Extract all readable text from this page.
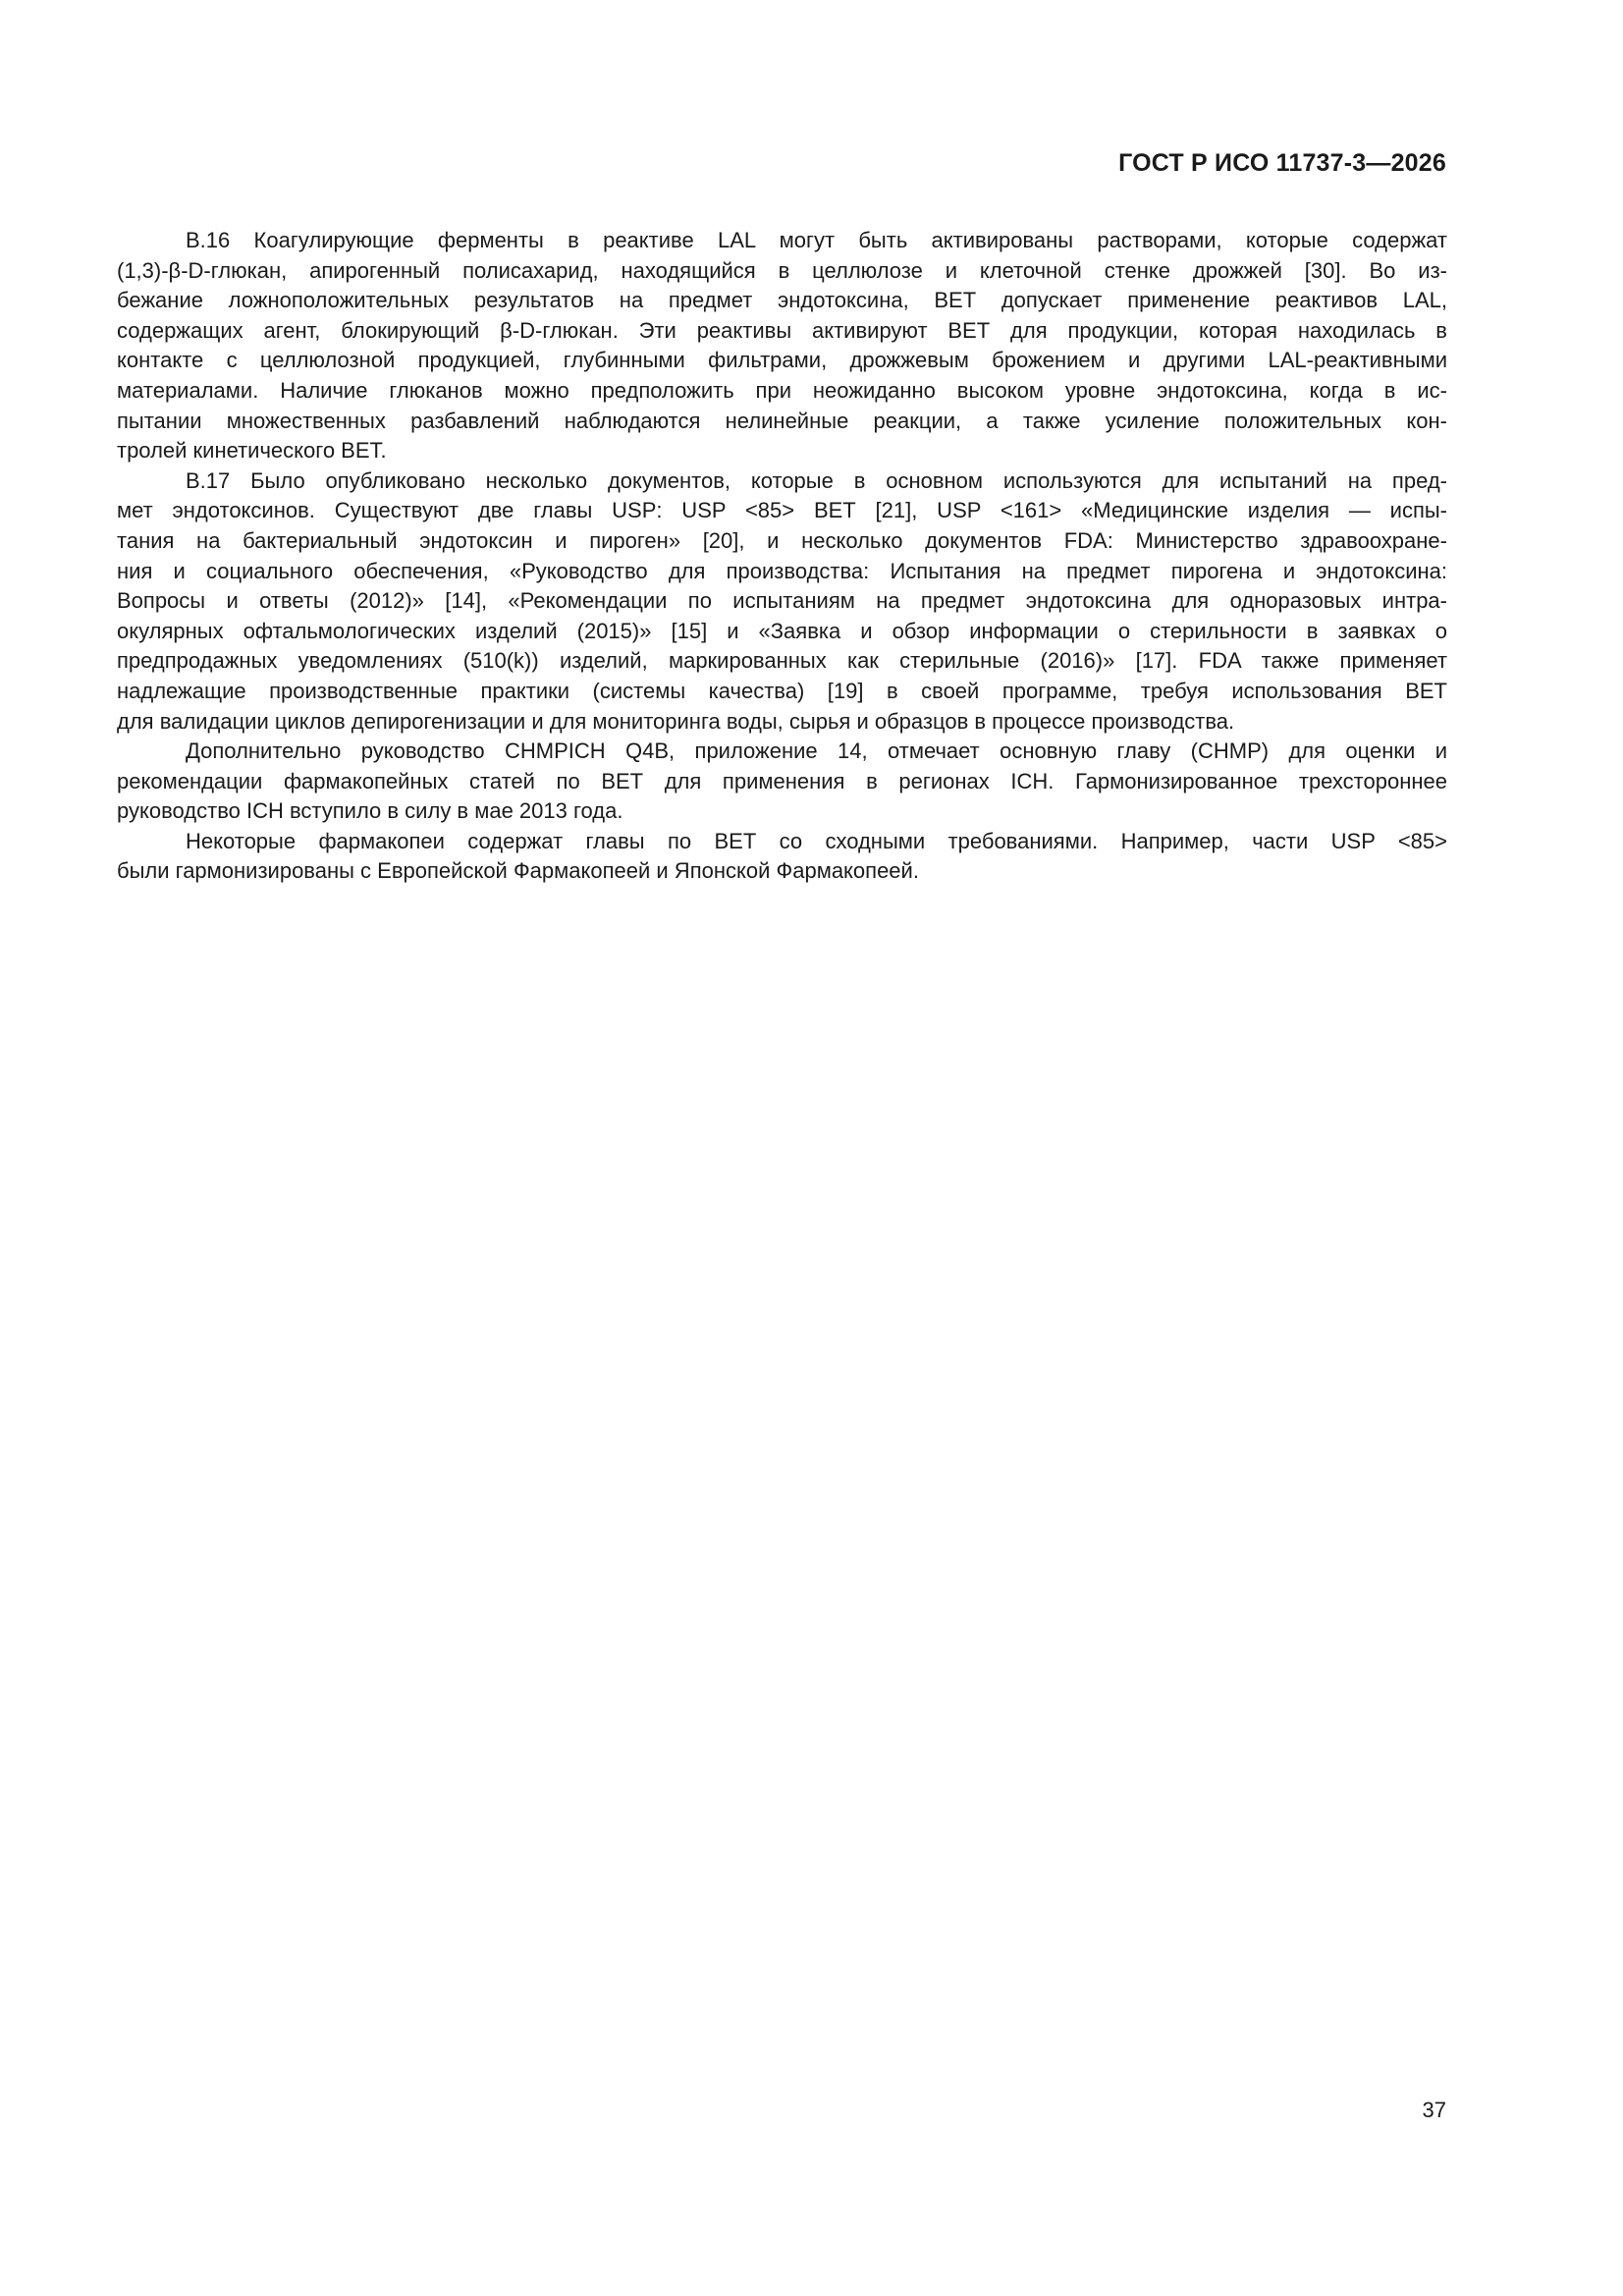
ГОСТ Р ИСО 11737-3—2026

В.16 Коагулирующие ферменты в реактиве LAL могут быть активированы растворами, которые содержат
(1,3)-β-D-глюкан, апирогенный полисахарид, находящийся в целлюлозе и клеточной стенке дрожжей [30]. Во из-
бежание ложноположительных результатов на предмет эндотоксина, ВЕТ допускает применение реактивов LAL,
содержащих агент, блокирующий β-D-глюкан. Эти реактивы активируют ВЕТ для продукции, которая находилась в
контакте с целлюлозной продукцией, глубинными фильтрами, дрожжевым брожением и другими LAL-реактивными
материалами. Наличие глюканов можно предположить при неожиданно высоком уровне эндотоксина, когда в ис-
пытании множественных разбавлений наблюдаются нелинейные реакции, а также усиление положительных кон-
тролей кинетического ВЕТ.

В.17 Было опубликовано несколько документов, которые в основном используются для испытаний на пред-
мет эндотоксинов. Существуют две главы USP: USP <85> ВЕТ [21], USP <161> «Медицинские изделия — испы-
тания на бактериальный эндотоксин и пироген» [20], и несколько документов FDA: Министерство здравоохране-
ния и социального обеспечения, «Руководство для производства: Испытания на предмет пирогена и эндотоксина:
Вопросы и ответы (2012)» [14], «Рекомендации по испытаниям на предмет эндотоксина для одноразовых интра-
окулярных офтальмологических изделий (2015)» [15] и «Заявка и обзор информации о стерильности в заявках о
предпродажных уведомлениях (510(k)) изделий, маркированных как стерильные (2016)» [17]. FDA также применяет
надлежащие производственные практики (системы качества) [19] в своей программе, требуя использования ВЕТ
для валидации циклов депирогенизации и для мониторинга воды, сырья и образцов в процессе производства.

Дополнительно руководство CHMPICH Q4B, приложение 14, отмечает основную главу (CHMP) для оценки и
рекомендации фармакопейных статей по ВЕТ для применения в регионах ICH. Гармонизированное трехстороннее
руководство ICH вступило в силу в мае 2013 года.

Некоторые фармакопеи содержат главы по ВЕТ со сходными требованиями. Например, части USP <85>
были гармонизированы с Европейской Фармакопеей и Японской Фармакопеей.

37
